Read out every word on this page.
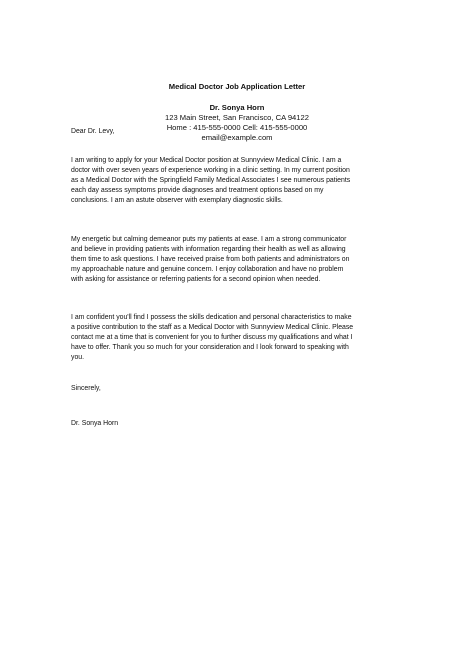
Medical Doctor Job Application Letter
Dr. Sonya Horn
123 Main Street, San Francisco, CA 94122
Home : 415-555-0000 Cell: 415-555-0000
email@example.com

Dear Dr. Levy,

I am writing to apply for your Medical Doctor position at Sunnyview Medical Clinic. I am a
doctor with over seven years of experience working in a clinic setting. In my current position
as a Medical Doctor with the Springfield Family Medical Associates I see numerous patients
each day assess symptoms provide diagnoses and treatment options based on my
conclusions. I am an astute observer with exemplary diagnostic skills.

My energetic but calming demeanor puts my patients at ease. I am a strong communicator
and believe in providing patients with information regarding their health as well as allowing
them time to ask questions. I have received praise from both patients and administrators on
my approachable nature and genuine concern. I enjoy collaboration and have no problem
with asking for assistance or referring patients for a second opinion when needed.

I am confident you'll find I possess the skills dedication and personal characteristics to make
a positive contribution to the staff as a Medical Doctor with Sunnyview Medical Clinic. Please
contact me at a time that is convenient for you to further discuss my qualifications and what I
have to offer. Thank you so much for your consideration and I look forward to speaking with
you.

Sincerely,

Dr. Sonya Horn
